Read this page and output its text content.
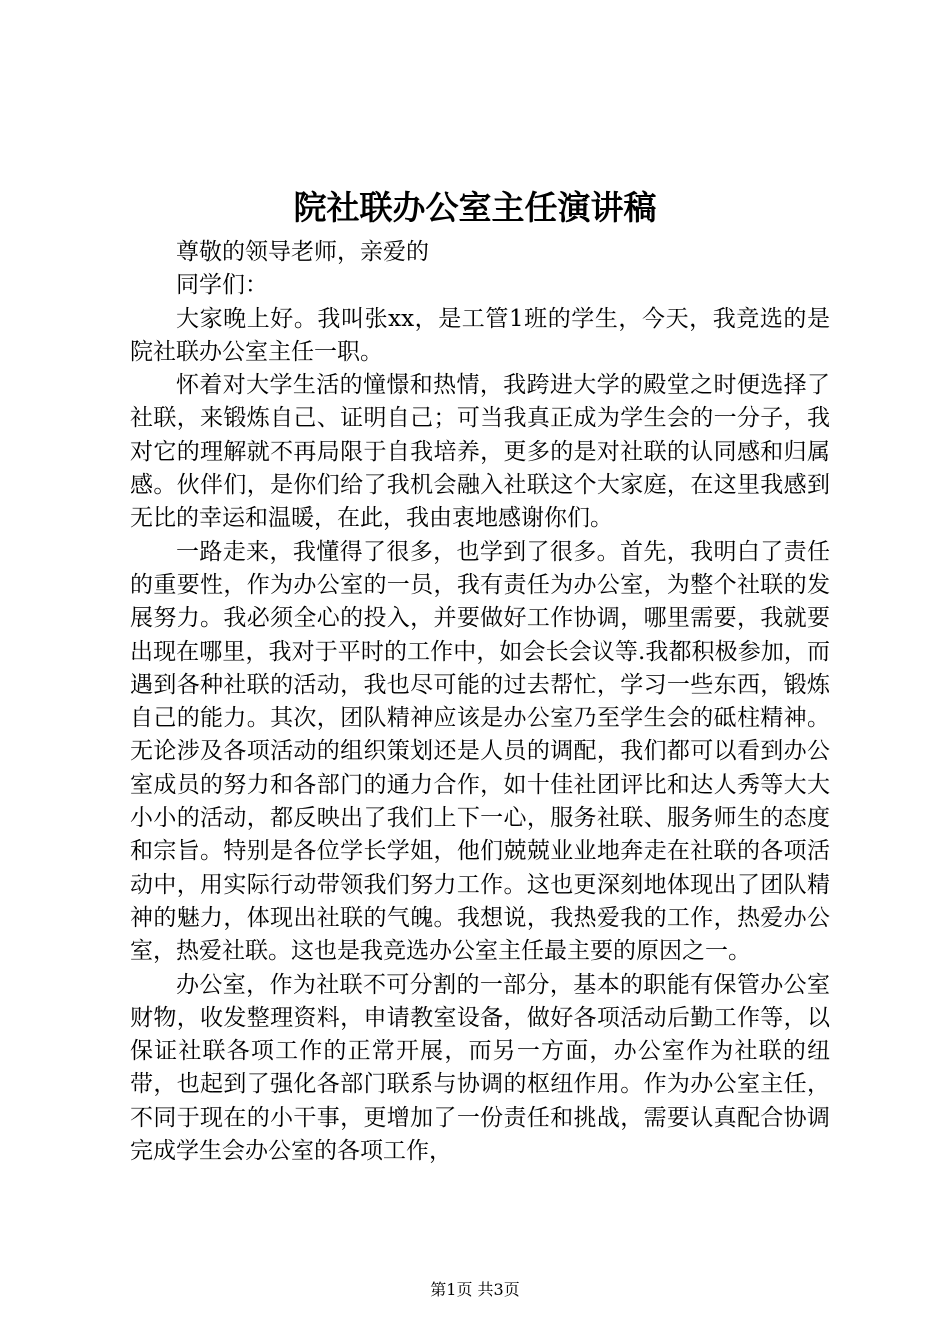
院社联办公室主任演讲稿

尊敬的领导老师，亲爱的

同学们：

大家晚上好。我叫张xx，是工管1班的学生，今天，我竞选的是院社联办公室主任一职。

怀着对大学生活的憧憬和热情，我跨进大学的殿堂之时便选择了社联，来锻炼自己、证明自己；可当我真正成为学生会的一分子，我对它的理解就不再局限于自我培养，更多的是对社联的认同感和归属感。伙伴们，是你们给了我机会融入社联这个大家庭，在这里我感到无比的幸运和温暖，在此，我由衷地感谢你们。

一路走来，我懂得了很多，也学到了很多。首先，我明白了责任的重要性，作为办公室的一员，我有责任为办公室，为整个社联的发展努力。我必须全心的投入，并要做好工作协调，哪里需要，我就要出现在哪里，我对于平时的工作中，如会长会议等.我都积极参加，而遇到各种社联的活动，我也尽可能的过去帮忙，学习一些东西，锻炼自己的能力。其次，团队精神应该是办公室乃至学生会的砥柱精神。无论涉及各项活动的组织策划还是人员的调配，我们都可以看到办公室成员的努力和各部门的通力合作，如十佳社团评比和达人秀等大大小小的活动，都反映出了我们上下一心，服务社联、服务师生的态度和宗旨。特别是各位学长学姐，他们兢兢业业地奔走在社联的各项活动中，用实际行动带领我们努力工作。这也更深刻地体现出了团队精神的魅力，体现出社联的气魄。我想说，我热爱我的工作，热爱办公室，热爱社联。这也是我竞选办公室主任最主要的原因之一。

办公室，作为社联不可分割的一部分，基本的职能有保管办公室财物，收发整理资料，申请教室设备，做好各项活动后勤工作等，以保证社联各项工作的正常开展，而另一方面，办公室作为社联的纽带，也起到了强化各部门联系与协调的枢纽作用。作为办公室主任，不同于现在的小干事，更增加了一份责任和挑战，需要认真配合协调完成学生会办公室的各项工作，

第1页 共3页
